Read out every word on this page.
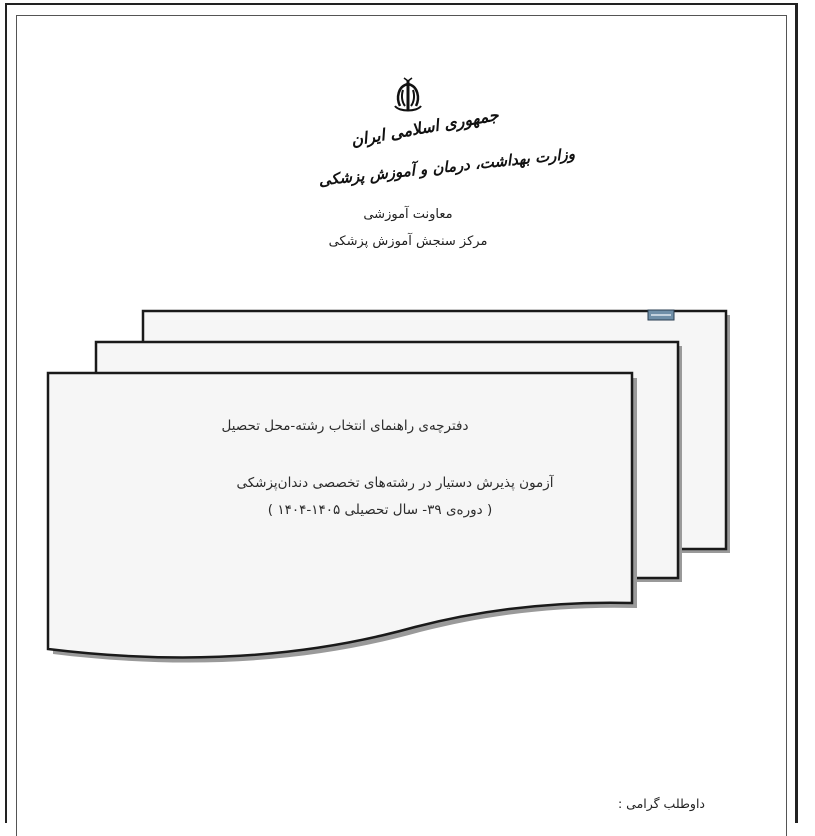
جمهوری اسلامی ایران
وزارت بهداشت، درمان و آموزش پزشکی
معاونت آموزشی
مرکز سنجش آموزش پزشکی
دفترچه‌ی راهنمای انتخاب رشته-محل تحصیل
آزمون پذیرش دستیار در رشته‌های تخصصی دندان‌پزشکی
( دوره‌ی ۳۹- سال تحصیلی ۱۴۰۵-۱۴۰۴ )
داوطلب گرامی :
